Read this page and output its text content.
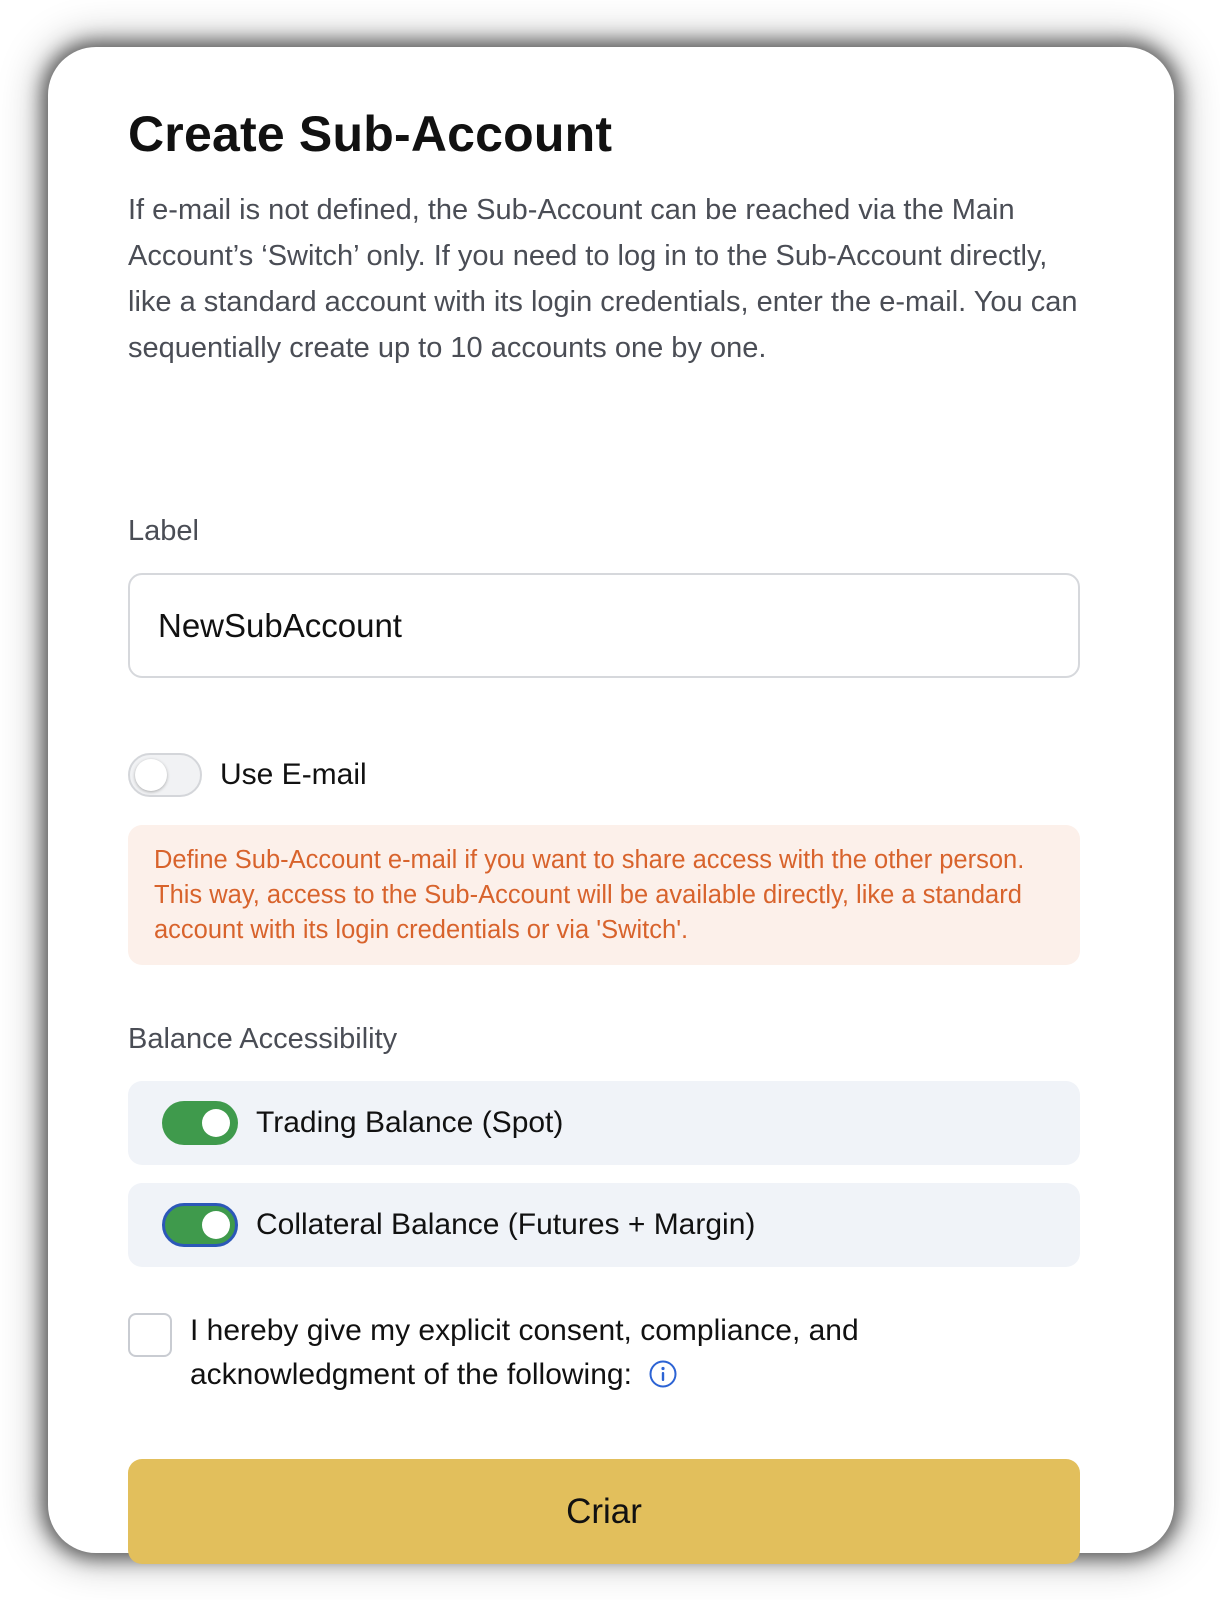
Create Sub-Account

If e-mail is not defined, the Sub-Account can be reached via the Main Account’s ‘Switch’ only. If you need to log in to the Sub-Account directly, like a standard account with its login credentials, enter the e-mail. You can sequentially create up to 10 accounts one by one.

Label
NewSubAccount
Use E-mail
Define Sub-Account e-mail if you want to share access with the other person. This way, access to the Sub-Account will be available directly, like a standard account with its login credentials or via 'Switch'.
Balance Accessibility
Trading Balance (Spot)
Collateral Balance (Futures + Margin)
I hereby give my explicit consent, compliance, and acknowledgment of the following:
Criar
